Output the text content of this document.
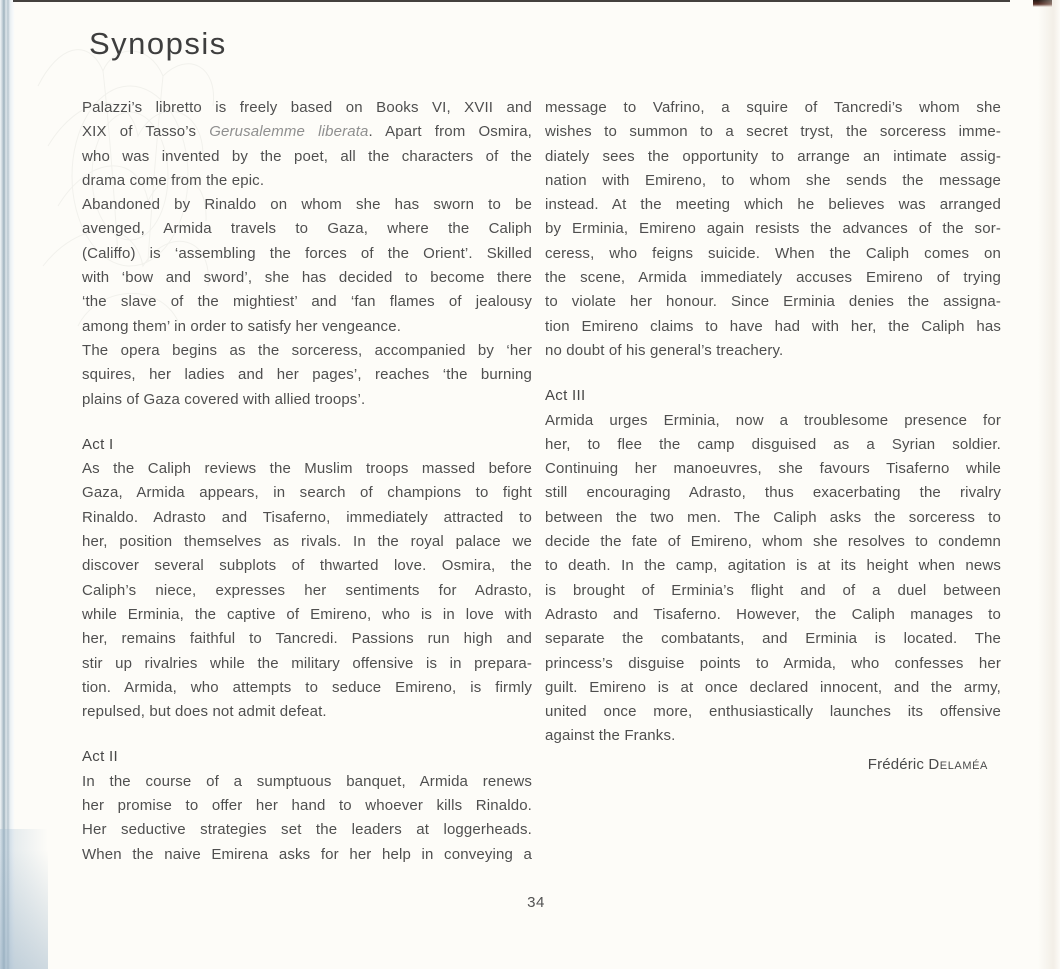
Synopsis
Palazzi’s libretto is freely based on Books VI, XVII and
XIX of Tasso’s Gerusalemme liberata. Apart from Osmira,
who was invented by the poet, all the characters of the
drama come from the epic.
Abandoned by Rinaldo on whom she has sworn to be
avenged, Armida travels to Gaza, where the Caliph
(Califfo) is ‘assembling the forces of the Orient’. Skilled
with ‘bow and sword’, she has decided to become there
‘the slave of the mightiest’ and ‘fan flames of jealousy
among them’ in order to satisfy her vengeance.
The opera begins as the sorceress, accompanied by ‘her
squires, her ladies and her pages’, reaches ‘the burning
plains of Gaza covered with allied troops’.
Act I
As the Caliph reviews the Muslim troops massed before
Gaza, Armida appears, in search of champions to fight
Rinaldo. Adrasto and Tisaferno, immediately attracted to
her, position themselves as rivals. In the royal palace we
discover several subplots of thwarted love. Osmira, the
Caliph’s niece, expresses her sentiments for Adrasto,
while Erminia, the captive of Emireno, who is in love with
her, remains faithful to Tancredi. Passions run high and
stir up rivalries while the military offensive is in prepara-
tion. Armida, who attempts to seduce Emireno, is firmly
repulsed, but does not admit defeat.
Act II
In the course of a sumptuous banquet, Armida renews
her promise to offer her hand to whoever kills Rinaldo.
Her seductive strategies set the leaders at loggerheads.
When the naive Emirena asks for her help in conveying a
message to Vafrino, a squire of Tancredi’s whom she
wishes to summon to a secret tryst, the sorceress imme-
diately sees the opportunity to arrange an intimate assig-
nation with Emireno, to whom she sends the message
instead. At the meeting which he believes was arranged
by Erminia, Emireno again resists the advances of the sor-
ceress, who feigns suicide. When the Caliph comes on
the scene, Armida immediately accuses Emireno of trying
to violate her honour. Since Erminia denies the assigna-
tion Emireno claims to have had with her, the Caliph has
no doubt of his general’s treachery.
Act III
Armida urges Erminia, now a troublesome presence for
her, to flee the camp disguised as a Syrian soldier.
Continuing her manoeuvres, she favours Tisaferno while
still encouraging Adrasto, thus exacerbating the rivalry
between the two men. The Caliph asks the sorceress to
decide the fate of Emireno, whom she resolves to condemn
to death. In the camp, agitation is at its height when news
is brought of Erminia’s flight and of a duel between
Adrasto and Tisaferno. However, the Caliph manages to
separate the combatants, and Erminia is located. The
princess’s disguise points to Armida, who confesses her
guilt. Emireno is at once declared innocent, and the army,
united once more, enthusiastically launches its offensive
against the Franks.
Frédéric Delaméa
34
